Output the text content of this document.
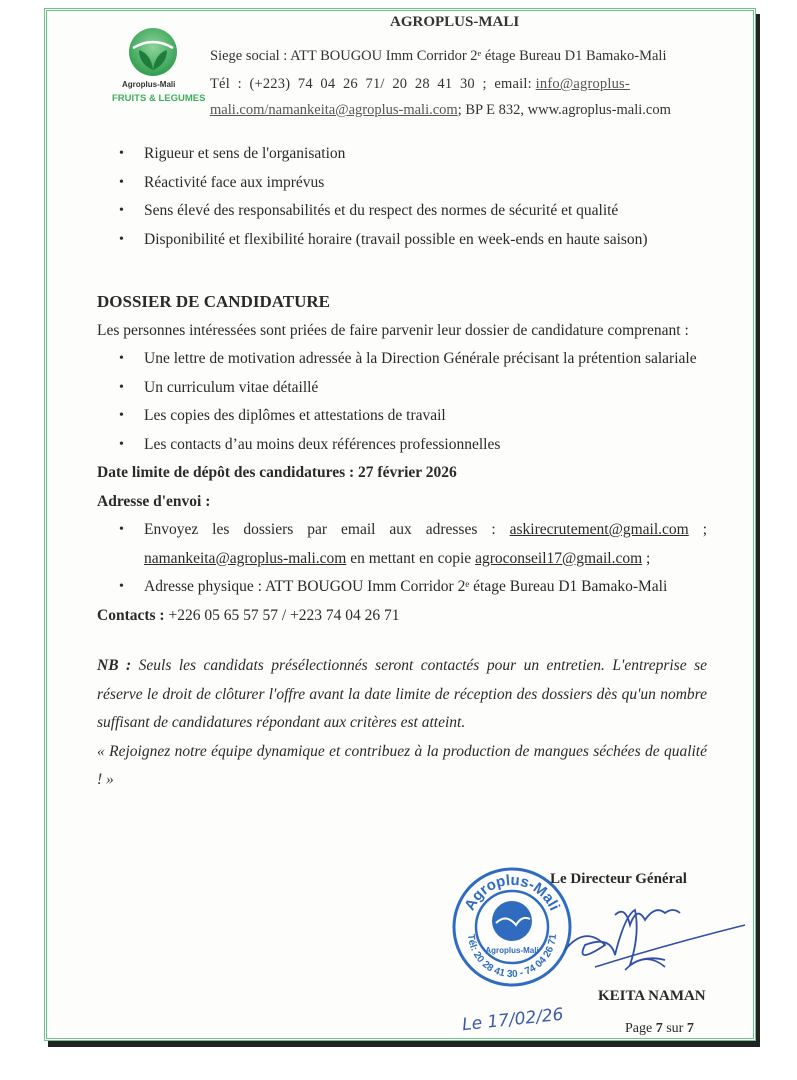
Agroplus-Mali
FRUITS & LEGUMES
AGROPLUS-MALI
Siege social : ATT BOUGOU Imm Corridor 2ᵉ étage Bureau D1 Bamako-Mali
Tél  :  (+223)  74  04  26  71/  20  28  41  30  ;  email: info@agroplus-
mali.com/namankeita@agroplus-mali.com; BP E 832, www.agroplus-mali.com
• Rigueur et sens de l'organisation
• Réactivité face aux imprévus
• Sens élevé des responsabilités et du respect des normes de sécurité et qualité
• Disponibilité et flexibilité horaire (travail possible en week-ends en haute saison)
DOSSIER DE CANDIDATURE
Les personnes intéressées sont priées de faire parvenir leur dossier de candidature comprenant :
• Une lettre de motivation adressée à la Direction Générale précisant la prétention salariale
• Un curriculum vitae détaillé
• Les copies des diplômes et attestations de travail
• Les contacts d’au moins deux références professionnelles
Date limite de dépôt des candidatures : 27 février 2026
Adresse d'envoi :
• Envoyez les dossiers par email aux adresses : askirecrutement@gmail.com ; namankeita@agroplus-mali.com en mettant en copie agroconseil17@gmail.com ;
• Adresse physique : ATT BOUGOU Imm Corridor 2ᵉ étage Bureau D1 Bamako-Mali
Contacts : +226 05 65 57 57 / +223 74 04 26 71
NB : Seuls les candidats présélectionnés seront contactés pour un entretien. L'entreprise se réserve le droit de clôturer l'offre avant la date limite de réception des dossiers dès qu'un nombre suffisant de candidatures répondant aux critères est atteint.
« Rejoignez notre équipe dynamique et contribuez à la production de mangues séchées de qualité ! »
Agroplus-Mali
Tél: 20 28 41 30 - 74 04 26 71
Agroplus-Mali
Le Directeur Général
KEITA NAMAN
Le 17/02/26	Page 7 sur 7
